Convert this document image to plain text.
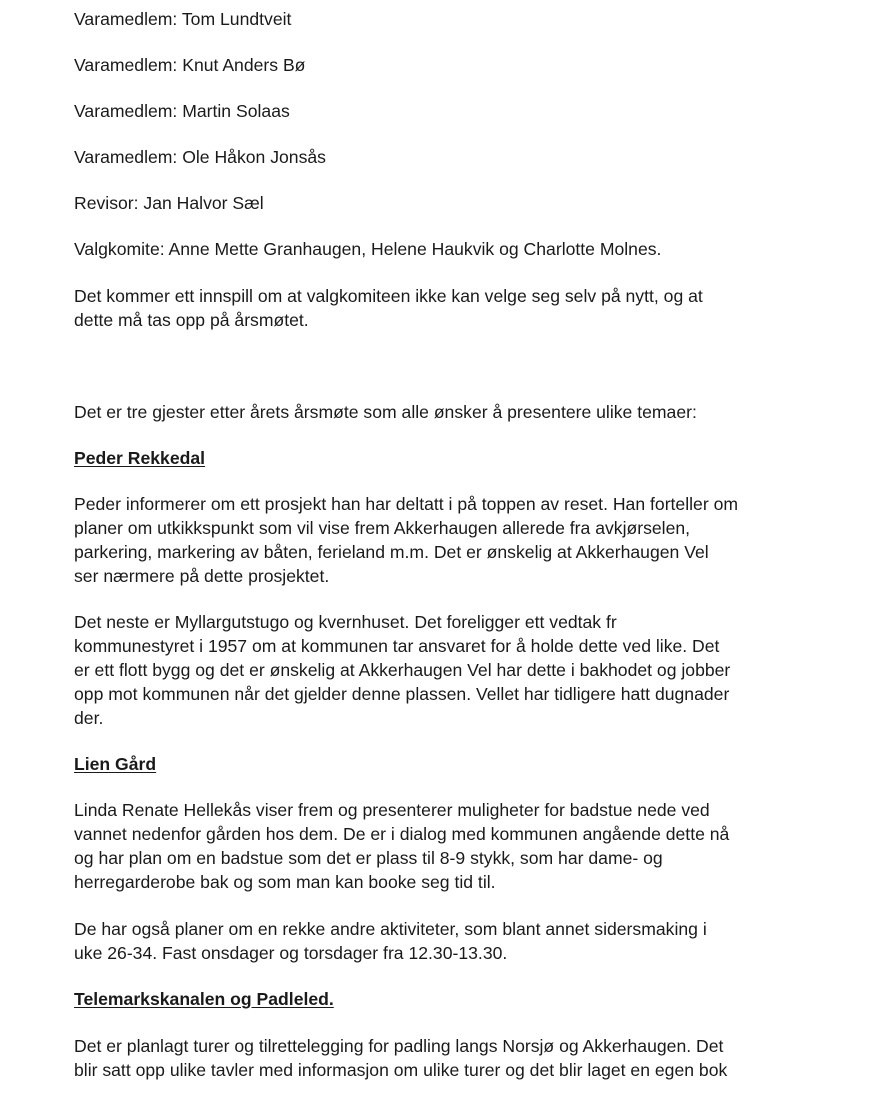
Varamedlem: Tom Lundtveit
Varamedlem: Knut Anders Bø
Varamedlem: Martin Solaas
Varamedlem: Ole Håkon Jonsås
Revisor: Jan Halvor Sæl
Valgkomite: Anne Mette Granhaugen, Helene Haukvik og Charlotte Molnes.

Det kommer ett innspill om at valgkomiteen ikke kan velge seg selv på nytt, og at
dette må tas opp på årsmøtet.

Det er tre gjester etter årets årsmøte som alle ønsker å presentere ulike temaer:
Peder Rekkedal

Peder informerer om ett prosjekt han har deltatt i på toppen av reset. Han forteller om
planer om utkikkspunkt som vil vise frem Akkerhaugen allerede fra avkjørselen,
parkering, markering av båten, ferieland m.m. Det er ønskelig at Akkerhaugen Vel
ser nærmere på dette prosjektet.

Det neste er Myllargutstugo og kvernhuset. Det foreligger ett vedtak fr
kommunestyret i 1957 om at kommunen tar ansvaret for å holde dette ved like. Det
er ett flott bygg og det er ønskelig at Akkerhaugen Vel har dette i bakhodet og jobber
opp mot kommunen når det gjelder denne plassen. Vellet har tidligere hatt dugnader
der.

Lien Gård

Linda Renate Hellekås viser frem og presenterer muligheter for badstue nede ved
vannet nedenfor gården hos dem. De er i dialog med kommunen angående dette nå
og har plan om en badstue som det er plass til 8-9 stykk, som har dame- og
herregarderobe bak og som man kan booke seg tid til.

De har også planer om en rekke andre aktiviteter, som blant annet sidersmaking i
uke 26-34. Fast onsdager og torsdager fra 12.30-13.30.

Telemarkskanalen og Padleled.

Det er planlagt turer og tilrettelegging for padling langs Norsjø og Akkerhaugen. Det
blir satt opp ulike tavler med informasjon om ulike turer og det blir laget en egen bok
